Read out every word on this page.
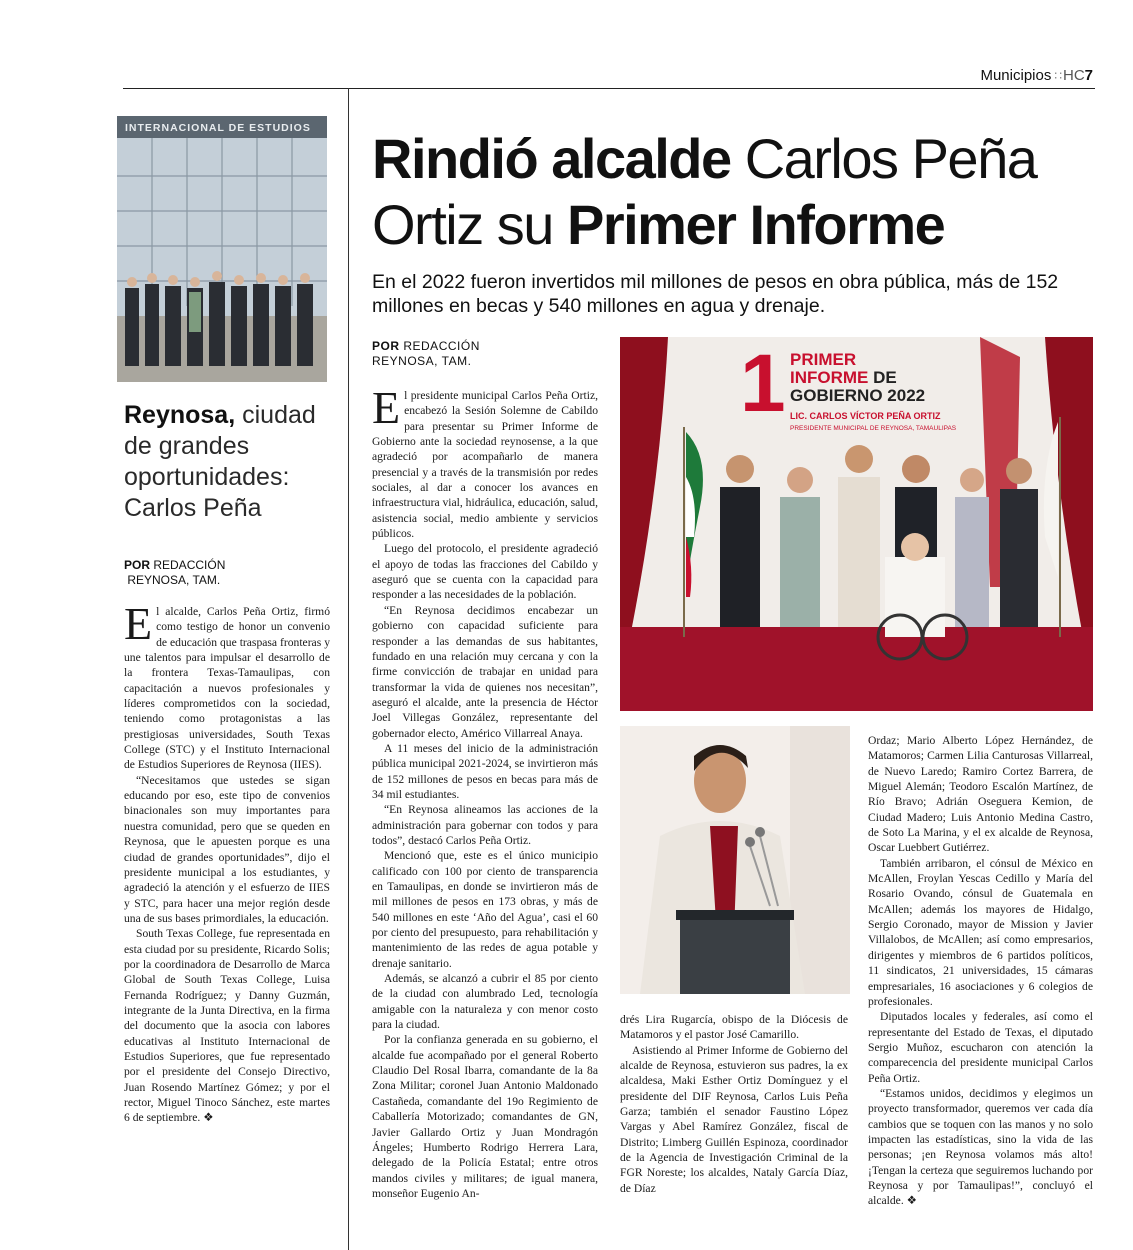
Municipios ∷ HC7
INTERNACIONAL DE ESTUDIOS
Reynosa, ciudad de grandes oportunidades: Carlos Peña
POR REDACCIÓN
REYNOSA, TAM.

El alcalde, Carlos Peña Ortiz, firmó como testigo de honor un convenio de educación que traspasa fronteras y une talentos para impulsar el desarrollo de la frontera Texas-Tamaulipas, con capacitación a nuevos profesionales y líderes comprometidos con la sociedad, teniendo como protagonistas a las prestigiosas universidades, South Texas College (STC) y el Instituto Internacional de Estudios Superiores de Reynosa (IIES).

“Necesitamos que ustedes se sigan educando por eso, este tipo de convenios binacionales son muy importantes para nuestra comunidad, pero que se queden en Reynosa, que le apuesten porque es una ciudad de grandes oportunidades”, dijo el presidente municipal a los estudiantes, y agradeció la atención y el esfuerzo de IIES y STC, para hacer una mejor región desde una de sus bases primordiales, la educación.

South Texas College, fue representada en esta ciudad por su presidente, Ricardo Solis; por la coordinadora de Desarrollo de Marca Global de South Texas College, Luisa Fernanda Rodríguez; y Danny Guzmán, integrante de la Junta Directiva, en la firma del documento que la asocia con labores educativas al Instituto Internacional de Estudios Superiores, que fue representado por el presidente del Consejo Directivo, Juan Rosendo Martínez Gómez; y por el rector, Miguel Tinoco Sánchez, este martes 6 de septiembre. ❖

Rindió alcalde Carlos Peña Ortiz su Primer Informe
En el 2022 fueron invertidos mil millones de pesos en obra pública, más de 152 millones en becas y 540 millones en agua y drenaje.
POR REDACCIÓN
REYNOSA, TAM.

El presidente municipal Carlos Peña Ortiz, encabezó la Sesión Solemne de Cabildo para presentar su Primer Informe de Gobierno ante la sociedad reynosense, a la que agradeció por acompañarlo de manera presencial y a través de la transmisión por redes sociales, al dar a conocer los avances en infraestructura vial, hidráulica, educación, salud, asistencia social, medio ambiente y servicios públicos.

Luego del protocolo, el presidente agradeció el apoyo de todas las fracciones del Cabildo y aseguró que se cuenta con la capacidad para responder a las necesidades de la población.

“En Reynosa decidimos encabezar un gobierno con capacidad suficiente para responder a las demandas de sus habitantes, fundado en una relación muy cercana y con la firme convicción de trabajar en unidad para transformar la vida de quienes nos necesitan”, aseguró el alcalde, ante la presencia de Héctor Joel Villegas González, representante del gobernador electo, Américo Villarreal Anaya.

A 11 meses del inicio de la administración pública municipal 2021-2024, se invirtieron más de 152 millones de pesos en becas para más de 34 mil estudiantes.

“En Reynosa alineamos las acciones de la administración para gobernar con todos y para todos”, destacó Carlos Peña Ortiz.

Mencionó que, este es el único municipio calificado con 100 por ciento de transparencia en Tamaulipas, en donde se invirtieron más de mil millones de pesos en 173 obras, y más de 540 millones en este ‘Año del Agua’, casi el 60 por ciento del presupuesto, para rehabilitación y mantenimiento de las redes de agua potable y drenaje sanitario.

Además, se alcanzó a cubrir el 85 por ciento de la ciudad con alumbrado Led, tecnología amigable con la naturaleza y con menor costo para la ciudad.

Por la confianza generada en su gobierno, el alcalde fue acompañado por el general Roberto Claudio Del Rosal Ibarra, comandante de la 8a Zona Militar; coronel Juan Antonio Maldonado Castañeda, comandante del 19o Regimiento de Caballería Motorizado; comandantes de GN, Javier Gallardo Ortiz y Juan Mondragón Ángeles; Humberto Rodrigo Herrera Lara, delegado de la Policía Estatal; entre otros mandos civiles y militares; de igual manera, monseñor Eugenio An-

1 PRIMER
INFORME DE
GOBIERNO 2022
LIC. CARLOS VÍCTOR PEÑA ORTIZ
PRESIDENTE MUNICIPAL DE REYNOSA, TAMAULIPAS

drés Lira Rugarcía, obispo de la Diócesis de Matamoros y el pastor José Camarillo.

Asistiendo al Primer Informe de Gobierno del alcalde de Reynosa, estuvieron sus padres, la ex alcaldesa, Maki Esther Ortiz Domínguez y el presidente del DIF Reynosa, Carlos Luis Peña Garza; también el senador Faustino López Vargas y Abel Ramírez González, fiscal de Distrito; Limberg Guillén Espinoza, coordinador de la Agencia de Investigación Criminal de la FGR Noreste; los alcaldes, Nataly García Díaz, de Díaz

Ordaz; Mario Alberto López Hernández, de Matamoros; Carmen Lilia Canturosas Villarreal, de Nuevo Laredo; Ramiro Cortez Barrera, de Miguel Alemán; Teodoro Escalón Martínez, de Río Bravo; Adrián Oseguera Kemion, de Ciudad Madero; Luis Antonio Medina Castro, de Soto La Marina, y el ex alcalde de Reynosa, Oscar Luebbert Gutiérrez.

También arribaron, el cónsul de México en McAllen, Froylan Yescas Cedillo y María del Rosario Ovando, cónsul de Guatemala en McAllen; además los mayores de Hidalgo, Sergio Coronado, mayor de Mission y Javier Villalobos, de McAllen; así como empresarios, dirigentes y miembros de 6 partidos políticos, 11 sindicatos, 21 universidades, 15 cámaras empresariales, 16 asociaciones y 6 colegios de profesionales.

Diputados locales y federales, así como el representante del Estado de Texas, el diputado Sergio Muñoz, escucharon con atención la comparecencia del presidente municipal Carlos Peña Ortiz.

“Estamos unidos, decidimos y elegimos un proyecto transformador, queremos ver cada día cambios que se toquen con las manos y no solo impacten las estadísticas, sino la vida de las personas; ¡en Reynosa volamos más alto! ¡Tengan la certeza que seguiremos luchando por Reynosa y por Tamaulipas!”, concluyó el alcalde. ❖
